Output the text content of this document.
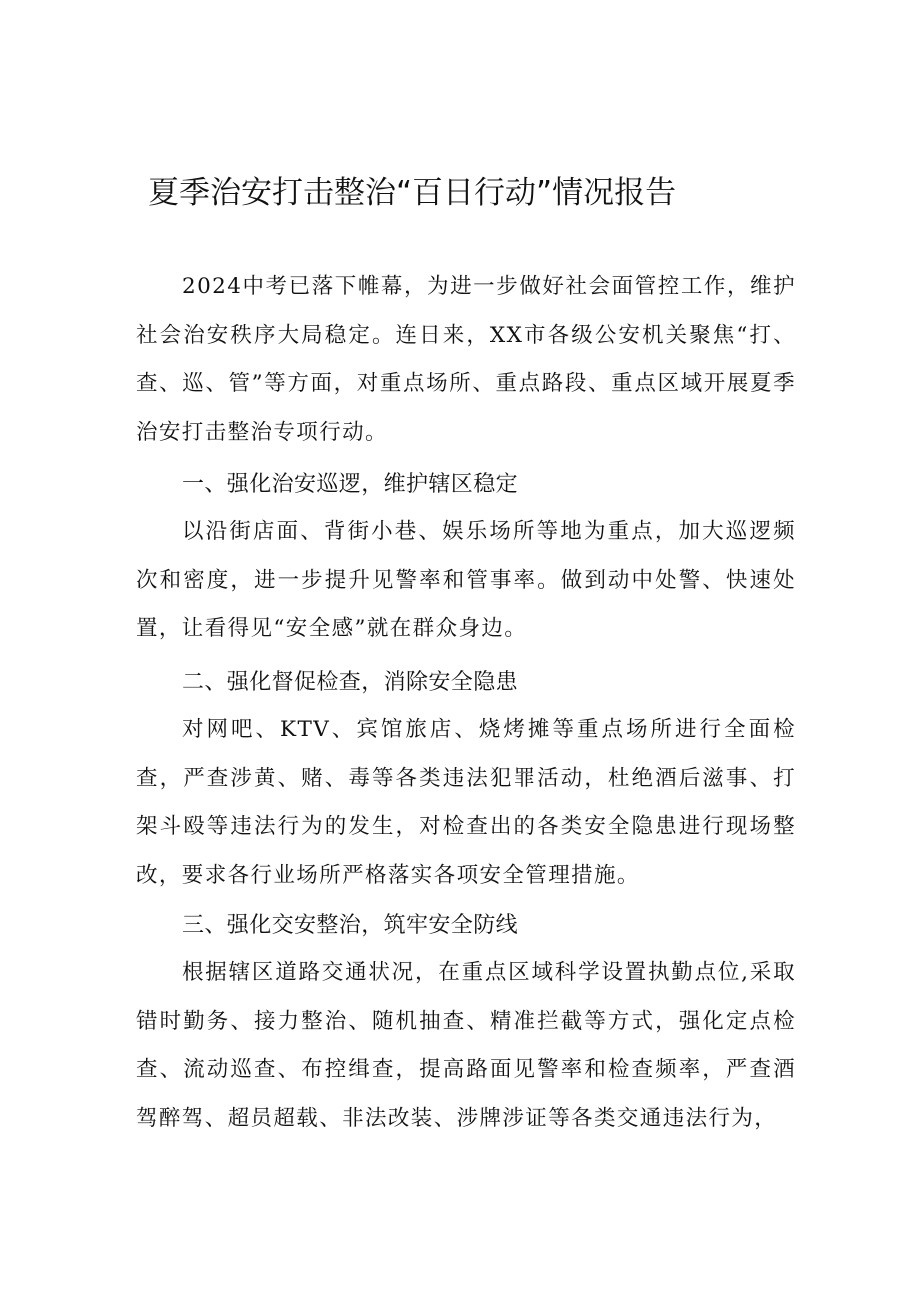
夏季治安打击整治“百日行动”情况报告
2024中考已落下帷幕，为进一步做好社会面管控工作，维护社会治安秩序大局稳定。连日来，XX市各级公安机关聚焦“打、查、巡、管”等方面，对重点场所、重点路段、重点区域开展夏季治安打击整治专项行动。
一、强化治安巡逻，维护辖区稳定
以沿街店面、背街小巷、娱乐场所等地为重点，加大巡逻频次和密度，进一步提升见警率和管事率。做到动中处警、快速处置，让看得见“安全感”就在群众身边。
二、强化督促检查，消除安全隐患
对网吧、KTV、宾馆旅店、烧烤摊等重点场所进行全面检查，严查涉黄、赌、毒等各类违法犯罪活动，杜绝酒后滋事、打架斗殴等违法行为的发生，对检查出的各类安全隐患进行现场整改，要求各行业场所严格落实各项安全管理措施。
三、强化交安整治，筑牢安全防线
根据辖区道路交通状况，在重点区域科学设置执勤点位,采取错时勤务、接力整治、随机抽查、精准拦截等方式，强化定点检查、流动巡查、布控缉查，提高路面见警率和检查频率，严查酒驾醉驾、超员超载、非法改装、涉牌涉证等各类交通违法行为，
